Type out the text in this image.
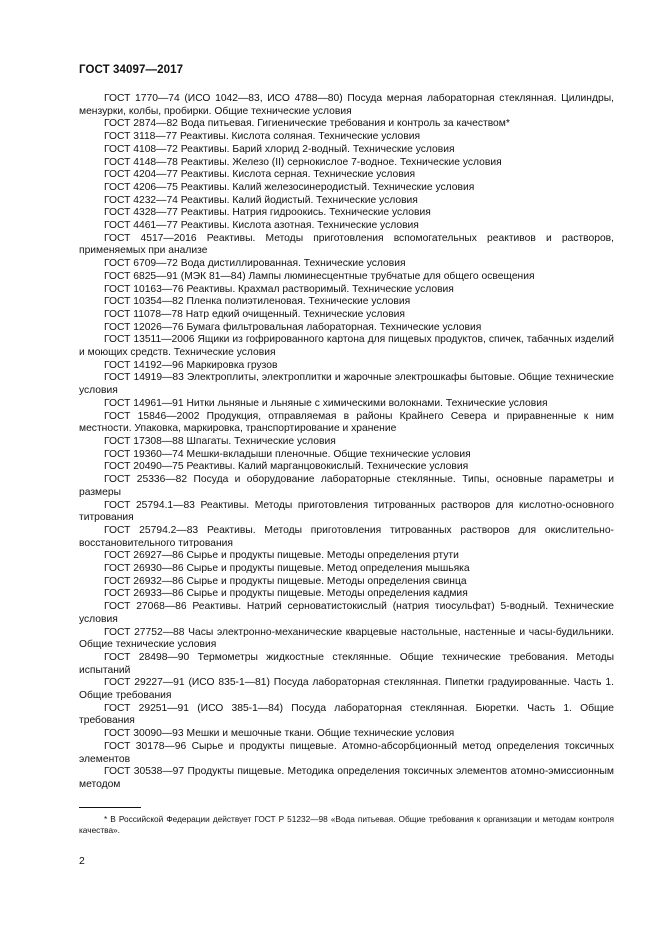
ГОСТ 34097—2017

ГОСТ 1770—74 (ИСО 1042—83, ИСО 4788—80) Посуда мерная лабораторная стеклянная. Цилиндры, мензурки, колбы, пробирки. Общие технические условия

ГОСТ 2874—82 Вода питьевая. Гигиенические требования и контроль за качеством*

ГОСТ 3118—77 Реактивы. Кислота соляная. Технические условия

ГОСТ 4108—72 Реактивы. Барий хлорид 2-водный. Технические условия

ГОСТ 4148—78 Реактивы. Железо (II) сернокислое 7-водное. Технические условия

ГОСТ 4204—77 Реактивы. Кислота серная. Технические условия

ГОСТ 4206—75 Реактивы. Калий железосинеродистый. Технические условия

ГОСТ 4232—74 Реактивы. Калий йодистый. Технические условия

ГОСТ 4328—77 Реактивы. Натрия гидроокись. Технические условия

ГОСТ 4461—77 Реактивы. Кислота азотная. Технические условия

ГОСТ 4517—2016 Реактивы. Методы приготовления вспомогательных реактивов и растворов, применяемых при анализе

ГОСТ 6709—72 Вода дистиллированная. Технические условия

ГОСТ 6825—91 (МЭК 81—84) Лампы люминесцентные трубчатые для общего освещения

ГОСТ 10163—76 Реактивы. Крахмал растворимый. Технические условия

ГОСТ 10354—82 Пленка полиэтиленовая. Технические условия

ГОСТ 11078—78 Натр едкий очищенный. Технические условия

ГОСТ 12026—76 Бумага фильтровальная лабораторная. Технические условия

ГОСТ 13511—2006 Ящики из гофрированного картона для пищевых продуктов, спичек, табачных изделий и моющих средств. Технические условия

ГОСТ 14192—96 Маркировка грузов

ГОСТ 14919—83 Электроплиты, электроплитки и жарочные электрошкафы бытовые. Общие технические условия

ГОСТ 14961—91 Нитки льняные и льняные с химическими волокнами. Технические условия

ГОСТ 15846—2002 Продукция, отправляемая в районы Крайнего Севера и приравненные к ним местности. Упаковка, маркировка, транспортирование и хранение

ГОСТ 17308—88 Шпагаты. Технические условия

ГОСТ 19360—74 Мешки-вкладыши пленочные. Общие технические условия

ГОСТ 20490—75 Реактивы. Калий марганцовокислый. Технические условия

ГОСТ 25336—82 Посуда и оборудование лабораторные стеклянные. Типы, основные параметры и размеры

ГОСТ 25794.1—83 Реактивы. Методы приготовления титрованных растворов для кислотно-основного титрования

ГОСТ 25794.2—83 Реактивы. Методы приготовления титрованных растворов для окислительно-восстановительного титрования

ГОСТ 26927—86 Сырье и продукты пищевые. Методы определения ртути

ГОСТ 26930—86 Сырье и продукты пищевые. Метод определения мышьяка

ГОСТ 26932—86 Сырье и продукты пищевые. Методы определения свинца

ГОСТ 26933—86 Сырье и продукты пищевые. Методы определения кадмия

ГОСТ 27068—86 Реактивы. Натрий серноватистокислый (натрия тиосульфат) 5-водный. Технические условия

ГОСТ 27752—88 Часы электронно-механические кварцевые настольные, настенные и часы-будильники. Общие технические условия

ГОСТ 28498—90 Термометры жидкостные стеклянные. Общие технические требования. Методы испытаний

ГОСТ 29227—91 (ИСО 835-1—81) Посуда лабораторная стеклянная. Пипетки градуированные. Часть 1. Общие требования

ГОСТ 29251—91 (ИСО 385-1—84) Посуда лабораторная стеклянная. Бюретки. Часть 1. Общие требования

ГОСТ 30090—93 Мешки и мешочные ткани. Общие технические условия

ГОСТ 30178—96 Сырье и продукты пищевые. Атомно-абсорбционный метод определения токсичных элементов

ГОСТ 30538—97 Продукты пищевые. Методика определения токсичных элементов атомно-эмиссионным методом

* В Российской Федерации действует ГОСТ Р 51232—98 «Вода питьевая. Общие требования к организации и методам контроля качества».
2
